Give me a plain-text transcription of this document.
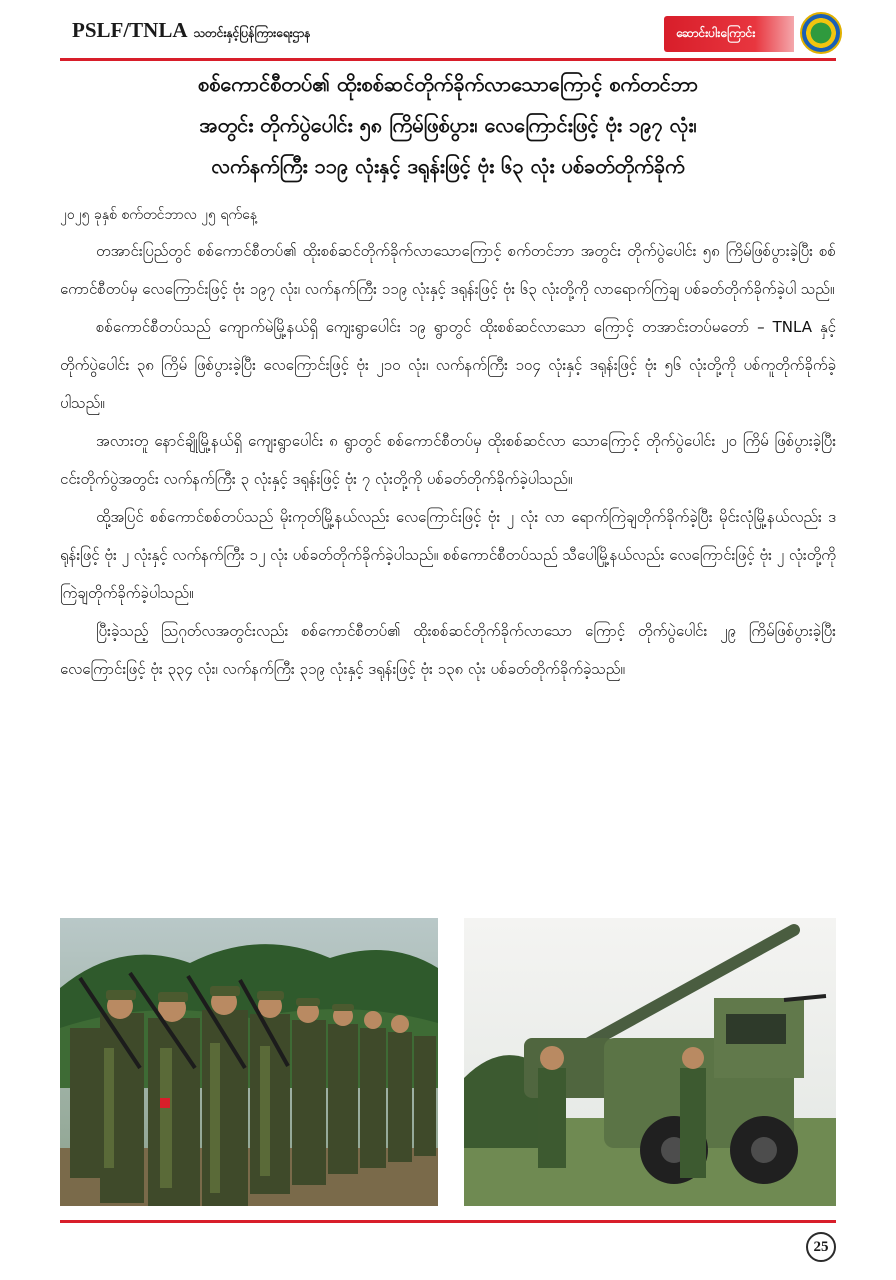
PSLF/TNLA သတင်းနှင့်ပြန်ကြားရေးဌာန	ဆောင်းပါးကြောင်း
စစ်ကောင်စီတပ်၏ ထိုးစစ်ဆင်တိုက်ခိုက်လာသောကြောင့် စက်တင်ဘာ
အတွင်း တိုက်ပွဲပေါင်း ၅၈ ကြိမ်ဖြစ်ပွား၊ လေကြောင်းဖြင့် ဗုံး ၁၉၇ လုံး၊
လက်နက်ကြီး ၁၁၉ လုံးနှင့် ဒရုန်းဖြင့် ဗုံး ၆၃ လုံး ပစ်ခတ်တိုက်ခိုက်
၂၀၂၅ ခုနှစ် စက်တင်ဘာလ ၂၅ ရက်နေ့

တအာင်းပြည်တွင် စစ်ကောင်စီတပ်၏ ထိုးစစ်ဆင်တိုက်ခိုက်လာသောကြောင့် စက်တင်ဘာ အတွင်း တိုက်ပွဲပေါင်း ၅၈ ကြိမ်ဖြစ်ပွားခဲ့ပြီး စစ်ကောင်စီတပ်မှ လေကြောင်းဖြင့် ဗုံး ၁၉၇ လုံး၊ လက်နက်ကြီး ၁၁၉ လုံးနှင့် ဒရုန်းဖြင့် ဗုံး ၆၃ လုံးတို့ကို လာရောက်ကြဲချ ပစ်ခတ်တိုက်ခိုက်ခဲ့ပါ သည်။

စစ်ကောင်စီတပ်သည် ကျောက်မဲမြို့နယ်ရှိ ကျေးရွာပေါင်း ၁၉ ရွာတွင် ထိုးစစ်ဆင်လာသော ကြောင့် တအာင်းတပ်မတော် – TNLA နှင့် တိုက်ပွဲပေါင်း ၃၈ ကြိမ် ဖြစ်ပွားခဲ့ပြီး လေကြောင်းဖြင့် ဗုံး ၂၁၀ လုံး၊ လက်နက်ကြီး ၁၀၄ လုံးနှင့် ဒရုန်းဖြင့် ဗုံး ၅၆ လုံးတို့ကို ပစ်ကူတိုက်ခိုက်ခဲ့ပါသည်။

အလားတူ နောင်ချိုမြို့နယ်ရှိ ကျေးရွာပေါင်း ၈ ရွာတွင် စစ်ကောင်စီတပ်မှ ထိုးစစ်ဆင်လာ သောကြောင့် တိုက်ပွဲပေါင်း ၂၀ ကြိမ် ဖြစ်ပွားခဲ့ပြီးငင်းတိုက်ပွဲအတွင်း လက်နက်ကြီး ၃ လုံးနှင့် ဒရုန်းဖြင့် ဗုံး ၇ လုံးတို့ကို ပစ်ခတ်တိုက်ခိုက်ခဲ့ပါသည်။

ထို့အပြင် စစ်ကောင်စစ်တပ်သည် မိုးကုတ်မြို့နယ်လည်း လေကြောင်းဖြင့် ဗုံး ၂ လုံး လာ ရောက်ကြဲချတိုက်ခိုက်ခဲ့ပြီး မိုင်းလုံမြို့နယ်လည်း ဒရုန်းဖြင့် ဗုံး ၂ လုံးနှင့် လက်နက်ကြီး ၁၂ လုံး ပစ်ခတ်တိုက်ခိုက်ခဲ့ပါသည်။ စစ်ကောင်စီတပ်သည် သီပေါမြို့နယ်လည်း လေကြောင်းဖြင့် ဗုံး ၂ လုံးတို့ကို ကြဲချတိုက်ခိုက်ခဲ့ပါသည်။

ပြီးခဲ့သည့် ဩဂုတ်လအတွင်းလည်း စစ်ကောင်စီတပ်၏ ထိုးစစ်ဆင်တိုက်ခိုက်လာသော ကြောင့် တိုက်ပွဲပေါင်း ၂၉ ကြိမ်ဖြစ်ပွားခဲ့ပြီး လေကြောင်းဖြင့် ဗုံး ၃၃၄ လုံး၊ လက်နက်ကြီး ၃၁၉ လုံးနှင့် ဒရုန်းဖြင့် ဗုံး ၁၃၈ လုံး ပစ်ခတ်တိုက်ခိုက်ခဲ့သည်။

25
